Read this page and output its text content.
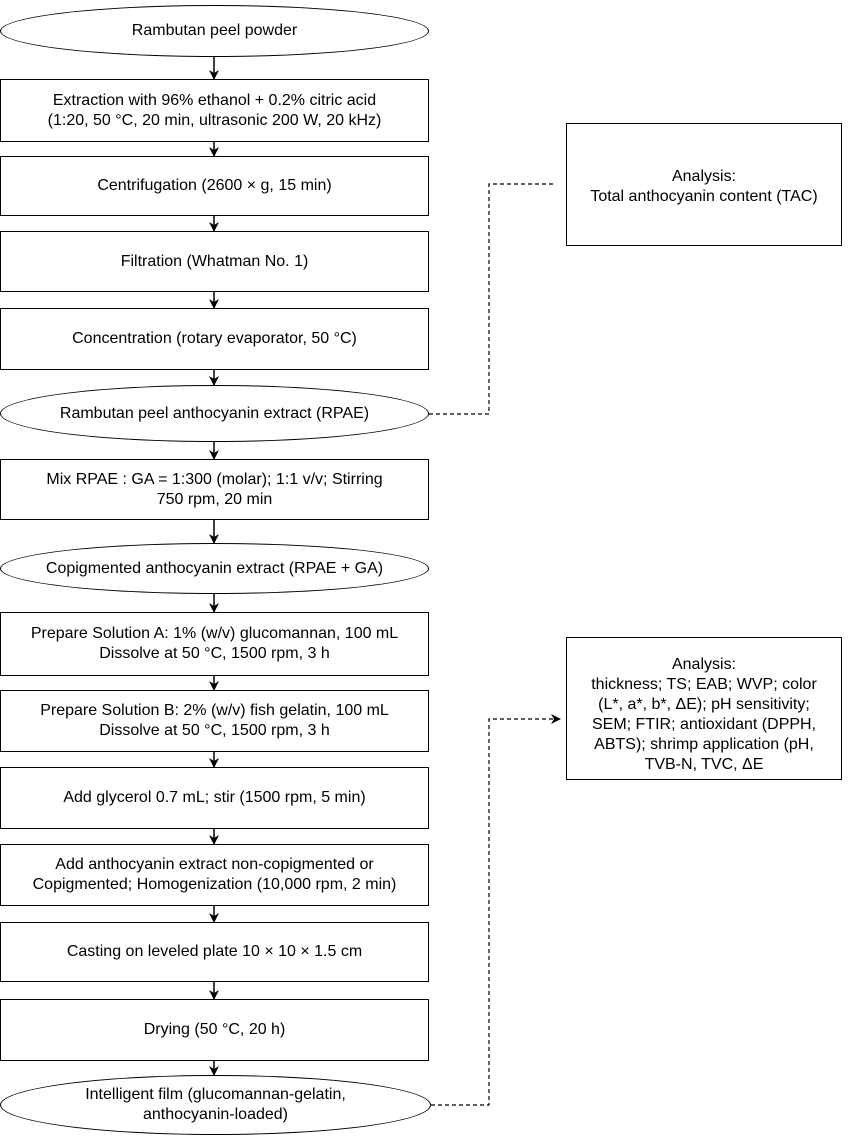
Rambutan peel powder
Extraction with 96% ethanol + 0.2% citric acid
(1:20, 50 °C, 20 min, ultrasonic 200 W, 20 kHz)
Centrifugation (2600 × g, 15 min)
Filtration (Whatman No. 1)
Concentration (rotary evaporator, 50 °C)
Rambutan peel anthocyanin extract (RPAE)
Mix RPAE : GA = 1:300 (molar); 1:1 v/v; Stirring
750 rpm, 20 min
Copigmented anthocyanin extract (RPAE + GA)
Prepare Solution A: 1% (w/v) glucomannan, 100 mL
Dissolve at 50 °C, 1500 rpm, 3 h
Prepare Solution B: 2% (w/v) fish gelatin, 100 mL
Dissolve at 50 °C, 1500 rpm, 3 h
Add glycerol 0.7 mL; stir (1500 rpm, 5 min)
Add anthocyanin extract non-copigmented or
Copigmented; Homogenization (10,000 rpm, 2 min)
Casting on leveled plate 10 × 10 × 1.5 cm
Drying (50 °C, 20 h)
Intelligent film (glucomannan-gelatin,
anthocyanin-loaded)
Analysis:
Total anthocyanin content (TAC)
Analysis:
thickness; TS; EAB; WVP; color
(L*, a*, b*, ΔE); pH sensitivity;
SEM; FTIR; antioxidant (DPPH,
ABTS); shrimp application (pH,
TVB-N, TVC, ΔE
